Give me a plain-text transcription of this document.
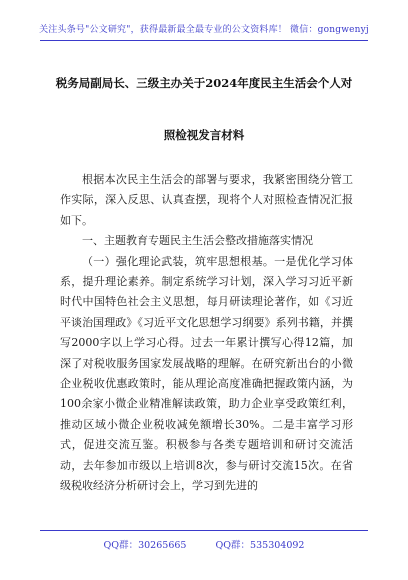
关注头条号"公文研究"，获得最新最全最专业的公文资料库！ 微信：gongwenyj
税务局副局长、三级主办关于2024年度民主生活会个人对
照检视发言材料

根据本次民主生活会的部署与要求，我紧密围绕分管工作实际，深入反思、认真查摆，现将个人对照检查情况汇报如下。

一、主题教育专题民主生活会整改措施落实情况

（一）强化理论武装，筑牢思想根基。一是优化学习体系，提升理论素养。制定系统学习计划，深入学习习近平新时代中国特色社会主义思想，每月研读理论著作，如《习近平谈治国理政》《习近平文化思想学习纲要》系列书籍，并撰写2000字以上学习心得。过去一年累计撰写心得12篇，加深了对税收服务国家发展战略的理解。在研究新出台的小微企业税收优惠政策时，能从理论高度准确把握政策内涵，为100余家小微企业精准解读政策，助力企业享受政策红利，推动区域小微企业税收减免额增长30%。二是丰富学习形式，促进交流互鉴。积极参与各类专题培训和研讨交流活动，去年参加市级以上培训8次，参与研讨交流15次。在省级税收经济分析研讨会上，学习到先进的

QQ群：30265665	QQ群：535304092
